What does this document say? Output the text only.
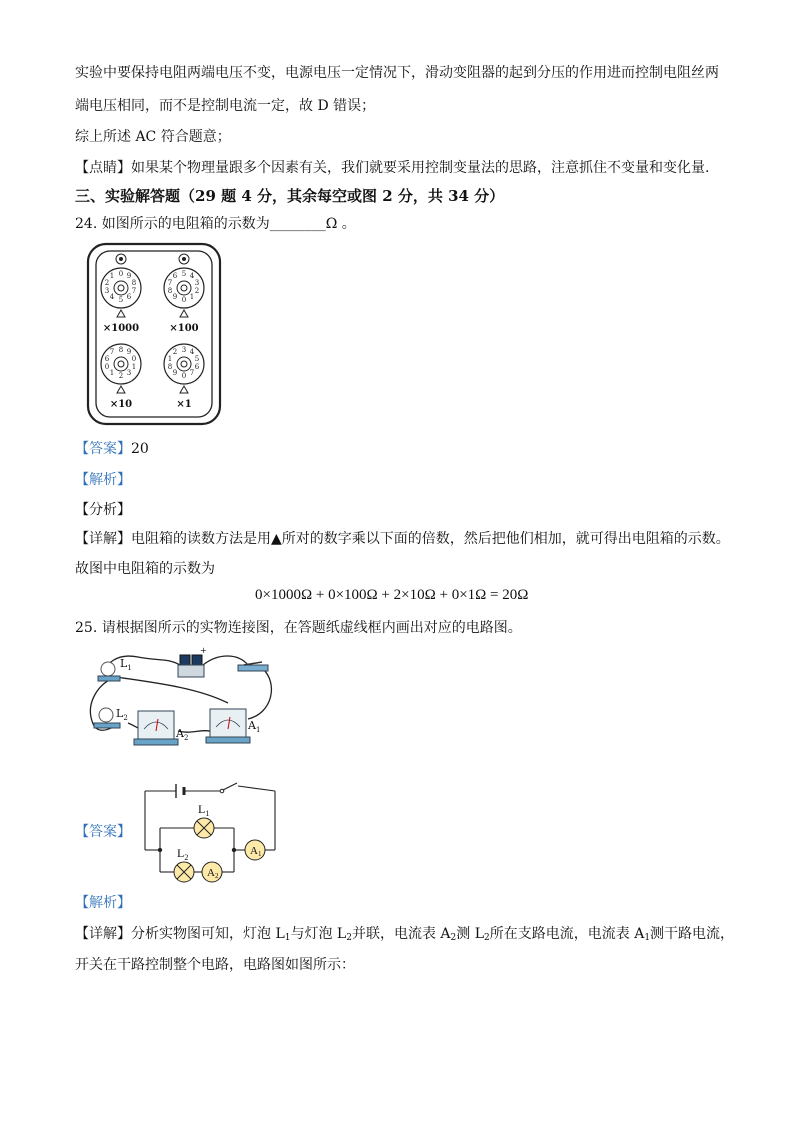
实验中要保持电阻两端电压不变，电源电压一定情况下，滑动变阻器的起到分压的作用进而控制电阻丝两
端电压相同，而不是控制电流一定，故 D 错误；
综上所述 AC 符合题意；
【点睛】如果某个物理量跟多个因素有关，我们就要采用控制变量法的思路，注意抓住不变量和变化量.
三、实验解答题（29 题 4 分，其余每空或图 2 分，共 34 分）
24. 如图所示的电阻箱的示数为________Ω 。
0 9
8
7
6
5
4
3
2
1	5 4
3
2
1
0
9
8
7
6
×1000	×100
8 9
0
1
3
2
1
0
6
7	3 4
5
6
7
0
9
8
1
2
×10	×1
【答案】20
【解析】
【分析】
【详解】电阻箱的读数方法是用▲所对的数字乘以下面的倍数，然后把他们相加，就可得出电阻箱的示数。
故图中电阻箱的示数为
0×1000Ω + 0×100Ω + 2×10Ω + 0×1Ω = 20Ω
25. 请根据图所示的实物连接图，在答题纸虚线框内画出对应的电路图。
$L_1$
+
$L_2$
$A_2$
$A_1$
【答案】
$L_1$
$L_2$
A2
A1
【解析】
【详解】分析实物图可知，灯泡 $L_1$与灯泡 $L_2$并联，电流表 $A_2$测 $L_2$所在支路电流，电流表 $A_1$测干路电流，
开关在干路控制整个电路，电路图如图所示：
